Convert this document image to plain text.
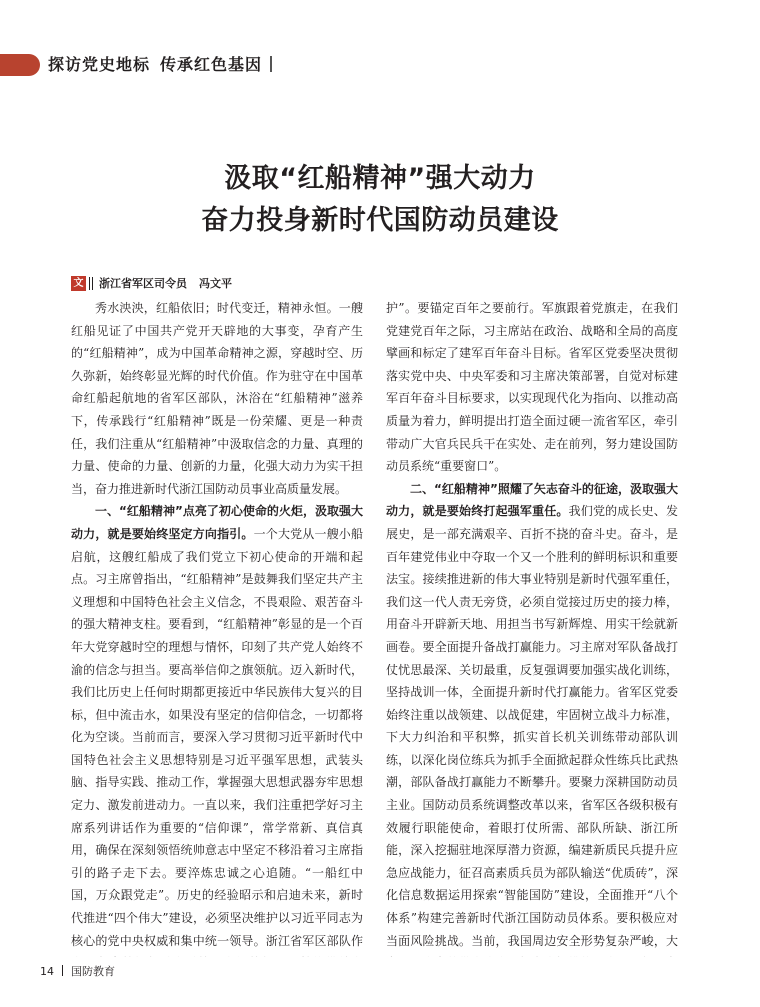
探访党史地标 传承红色基因
汲取“红船精神”强大动力
奋力投身新时代国防动员建设
文 浙江省军区司令员 冯文平

秀水泱泱，红船依旧；时代变迁，精神永恒。一艘红船见证了中国共产党开天辟地的大事变，孕育产生的“红船精神”，成为中国革命精神之源，穿越时空、历久弥新，始终彰显光辉的时代价值。作为驻守在中国革命红船起航地的省军区部队，沐浴在“红船精神”滋养下，传承践行“红船精神”既是一份荣耀、更是一种责任，我们注重从“红船精神”中汲取信念的力量、真理的力量、使命的力量、创新的力量，化强大动力为实干担当，奋力推进新时代浙江国防动员事业高质量发展。

一、“红船精神”点亮了初心使命的火炬，汲取强大动力，就是要始终坚定方向指引。一个大党从一艘小船启航，这艘红船成了我们党立下初心使命的开端和起点。习主席曾指出，“红船精神”是鼓舞我们坚定共产主义理想和中国特色社会主义信念，不畏艰险、艰苦奋斗的强大精神支柱。要看到，“红船精神”彰显的是一个百年大党穿越时空的理想与情怀，印刻了共产党人始终不渝的信念与担当。要高举信仰之旗领航。迈入新时代，我们比历史上任何时期都更接近中华民族伟大复兴的目标，但中流击水，如果没有坚定的信仰信念，一切都将化为空谈。当前而言，要深入学习贯彻习近平新时代中国特色社会主义思想特别是习近平强军思想，武装头脑、指导实践、推动工作，掌握强大思想武器夯牢思想定力、激发前进动力。一直以来，我们注重把学好习主席系列讲话作为重要的“信仰课”，常学常新、真信真用，确保在深刻领悟统帅意志中坚定不移沿着习主席指引的路子走下去。要淬炼忠诚之心追随。“一船红中国，万众跟党走”。历史的经验昭示和启迪未来，新时代推进“四个伟大”建设，必须坚决维护以习近平同志为核心的党中央权威和集中统一领导。浙江省军区部队作

护”。要锚定百年之要前行。军旗跟着党旗走，在我们党建党百年之际，习主席站在政治、战略和全局的高度擘画和标定了建军百年奋斗目标。省军区党委坚决贯彻落实党中央、中央军委和习主席决策部署，自觉对标建军百年奋斗目标要求，以实现现代化为指向、以推动高质量为着力，鲜明提出打造全面过硬一流省军区，牵引带动广大官兵民兵干在实处、走在前列，努力建设国防动员系统“重要窗口”。

二、“红船精神”照耀了矢志奋斗的征途，汲取强大动力，就是要始终打起强军重任。我们党的成长史、发展史，是一部充满艰辛、百折不挠的奋斗史。奋斗，是百年建党伟业中夺取一个又一个胜利的鲜明标识和重要法宝。接续推进新的伟大事业特别是新时代强军重任，我们这一代人责无旁贷，必须自觉接过历史的接力棒，用奋斗开辟新天地、用担当书写新辉煌、用实干绘就新画卷。要全面提升备战打赢能力。习主席对军队备战打仗忧思最深、关切最重，反复强调要加强实战化训练，坚持战训一体，全面提升新时代打赢能力。省军区党委始终注重以战领建、以战促建，牢固树立战斗力标准，下大力纠治和平积弊，抓实首长机关训练带动部队训练，以深化岗位练兵为抓手全面掀起群众性练兵比武热潮，部队备战打赢能力不断攀升。要聚力深耕国防动员主业。国防动员系统调整改革以来，省军区各级积极有效履行职能使命，着眼打仗所需、部队所缺、浙江所能，深入挖掘驻地深厚潜力资源，编建新质民兵提升应急应战能力，征召高素质兵员为部队输送“优质砖”，深化信息数据运用探索“智能国防”建设，全面推开“八个体系”构建完善新时代浙江国防动员体系。要积极应对当面风险挑战。当前，我国周边安全形势复杂严峻，大

14 国防教育
